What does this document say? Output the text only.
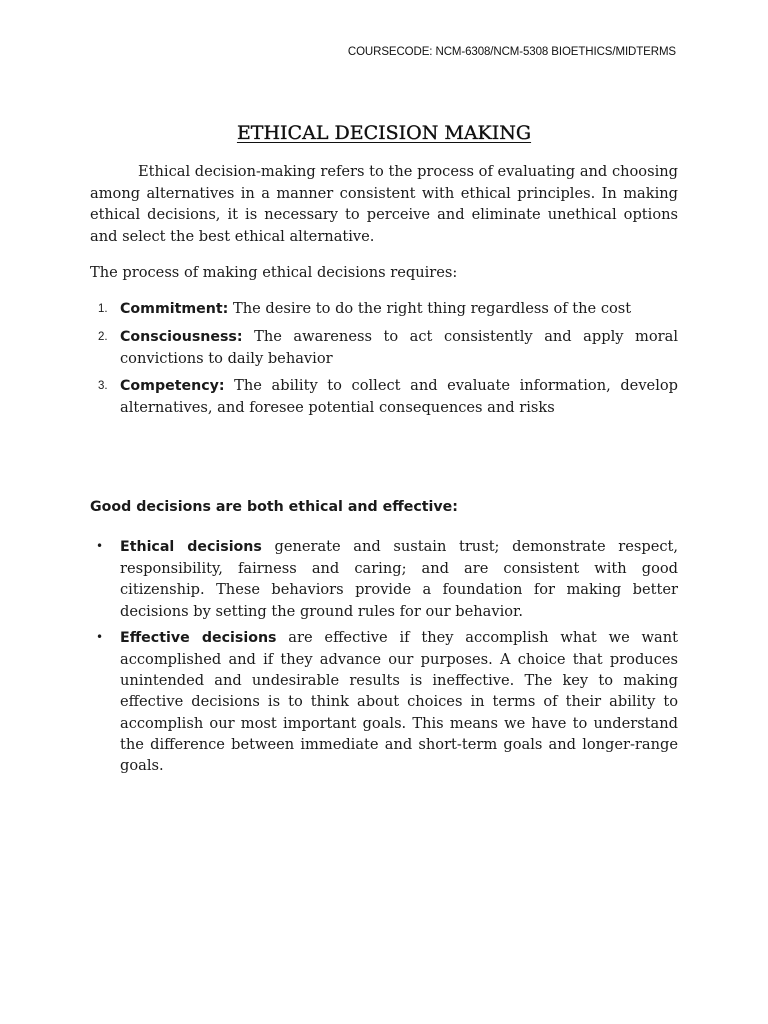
COURSECODE: NCM-6308/NCM-5308 BIOETHICS/MIDTERMS
ETHICAL DECISION MAKING

Ethical decision-making refers to the process of evaluating and choosing among alternatives in a manner consistent with ethical principles. In making ethical decisions, it is necessary to perceive and eliminate unethical options and select the best ethical alternative.

The process of making ethical decisions requires:

1. Commitment: The desire to do the right thing regardless of the cost
2. Consciousness: The awareness to act consistently and apply moral convictions to daily behavior
3. Competency: The ability to collect and evaluate information, develop alternatives, and foresee potential consequences and risks

Good decisions are both ethical and effective:

• Ethical decisions generate and sustain trust; demonstrate respect, responsibility, fairness and caring; and are consistent with good citizenship. These behaviors provide a foundation for making better decisions by setting the ground rules for our behavior.
• Effective decisions are effective if they accomplish what we want accomplished and if they advance our purposes. A choice that produces unintended and undesirable results is ineffective. The key to making effective decisions is to think about choices in terms of their ability to accomplish our most important goals. This means we have to understand the difference between immediate and short-term goals and longer-range goals.
